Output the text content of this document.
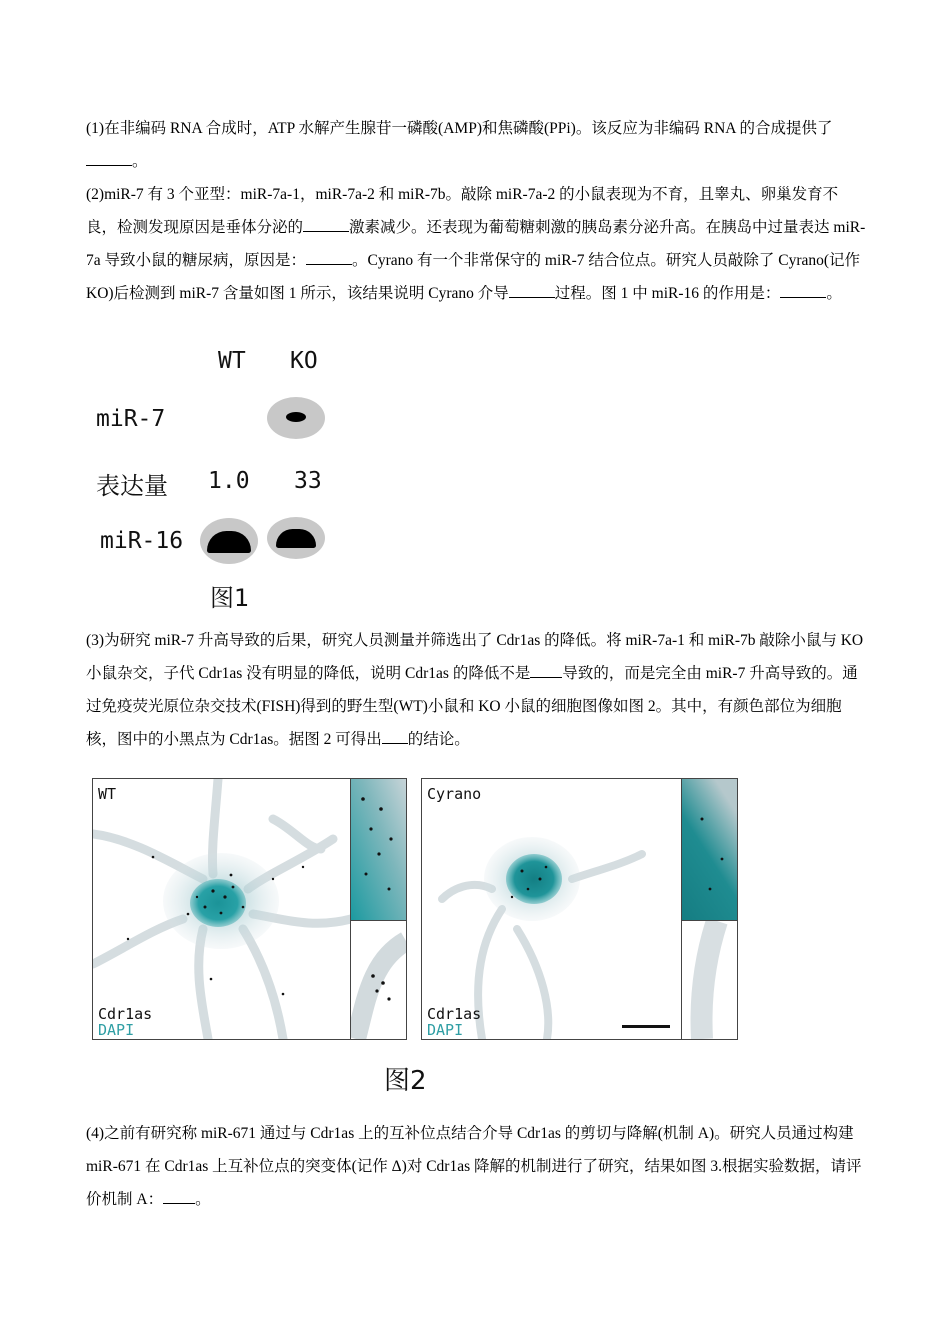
(1)在非编码 RNA 合成时，ATP 水解产生腺苷一磷酸(AMP)和焦磷酸(PPi)。该反应为非编码 RNA 的合成提供了。

(2)miR-7 有 3 个亚型：miR-7a-1，miR-7a-2 和 miR-7b。敲除 miR-7a-2 的小鼠表现为不育，且睾丸、卵巢发育不良，检测发现原因是垂体分泌的	激素减少。还表现为葡萄糖刺激的胰岛素分泌升高。在胰岛中过量表达 miR-7a 导致小鼠的糖尿病，原因是：	。Cyrano 有一个非常保守的 miR-7 结合位点。研究人员敲除了 Cyrano(记作 KO)后检测到 miR-7 含量如图 1 所示，该结果说明 Cyrano 介导	过程。图 1 中 miR-16 的作用是：	。

WT KO
miR-7
表达量 1.0 33
miR-16
图1

(3)为研究 miR-7 升高导致的后果，研究人员测量并筛选出了 Cdr1as 的降低。将 miR-7a-1 和 miR-7b 敲除小鼠与 KO 小鼠杂交，子代 Cdr1as 没有明显的降低，说明 Cdr1as 的降低不是 导致的，而是完全由 miR-7 升高导致的。通过免疫荧光原位杂交技术(FISH)得到的野生型(WT)小鼠和 KO 小鼠的细胞图像如图 2。其中，有颜色部位为细胞核，图中的小黑点为 Cdr1as。据图 2 可得出 的结论。

WT
Cdr1as
DAPI
Cyrano
Cdr1as
DAPI
图2

(4)之前有研究称 miR-671 通过与 Cdr1as 上的互补位点结合介导 Cdr1as 的剪切与降解(机制 A)。研究人员通过构建 miR-671 在 Cdr1as 上互补位点的突变体(记作 Δ)对 Cdr1as 降解的机制进行了研究，结果如图 3.根据实验数据，请评价机制 A： 。
